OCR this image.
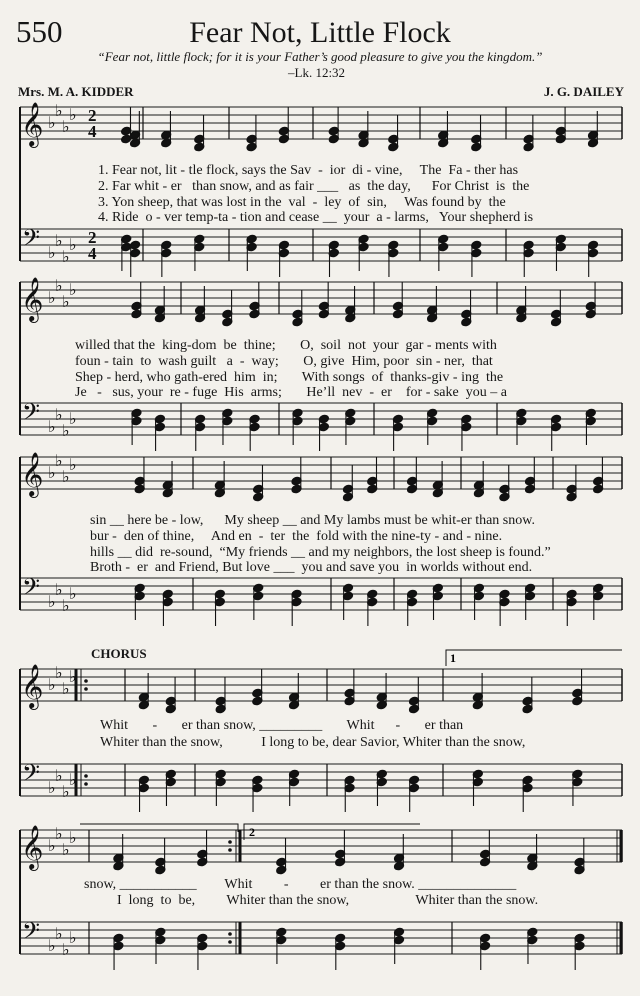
550	Fear Not, Little Flock
“Fear not, little flock; for it is your Father’s good pleasure to give you the kingdom.”
–Lk. 12:32
Mrs. M. A. KIDDER	J. G. DAILEY
1. Fear not, lit - tle flock, says the Sav  -  ior  di - vine,     The  Fa - ther has
2. Far whit - er   than snow, and as fair ___   as  the day,      For Christ  is  the
3. Yon sheep, that was lost in the  val  -  ley  of  sin,     Was found by  the
4. Ride  o - ver temp-ta - tion and cease __  your  a - larms,   Your shepherd is
willed that the  king-dom  be  thine;       O,  soil  not  your  gar - ments with
foun - tain  to  wash guilt   a  -  way;       O, give  Him, poor  sin - ner,  that
Shep - herd, who gath-ered  him  in;       With songs  of  thanks-giv - ing  the
Je   -   sus, your  re - fuge  His  arms;       He’ll  nev  -  er    for - sake  you – a
sin __ here be - low,      My sheep __ and My lambs must be whit-er than snow.
bur -  den of thine,     And en  -  ter  the  fold with the nine-ty - and - nine.
hills __ did  re-sound,  “My friends __ and my neighbors, the lost sheep is found.”
Broth -  er  and Friend, But love ___  you and save you  in worlds without end.
CHORUS
Whit       -       er than snow, _________       Whit      -       er than
Whiter than the snow,           I long to be, dear Savior, Whiter than the snow,
snow, ___________        Whit         -         er than the snow. ______________
I  long  to  be,         Whiter than the snow,                   Whiter than the snow.
𝄞
𝄢
♭
♭
♭
♭
♭
♭
♭
♭
𝄞
𝄢
♭
♭
♭
♭
♭
♭
♭
♭
𝄞
𝄢
♭
♭
♭
♭
♭
♭
♭
♭
𝄞
𝄢
♭
♭
♭
♭
♭
♭
♭
♭
𝄞
𝄢
♭
♭
♭
♭
♭
♭
♭
♭
2
4
2
4
1
2
